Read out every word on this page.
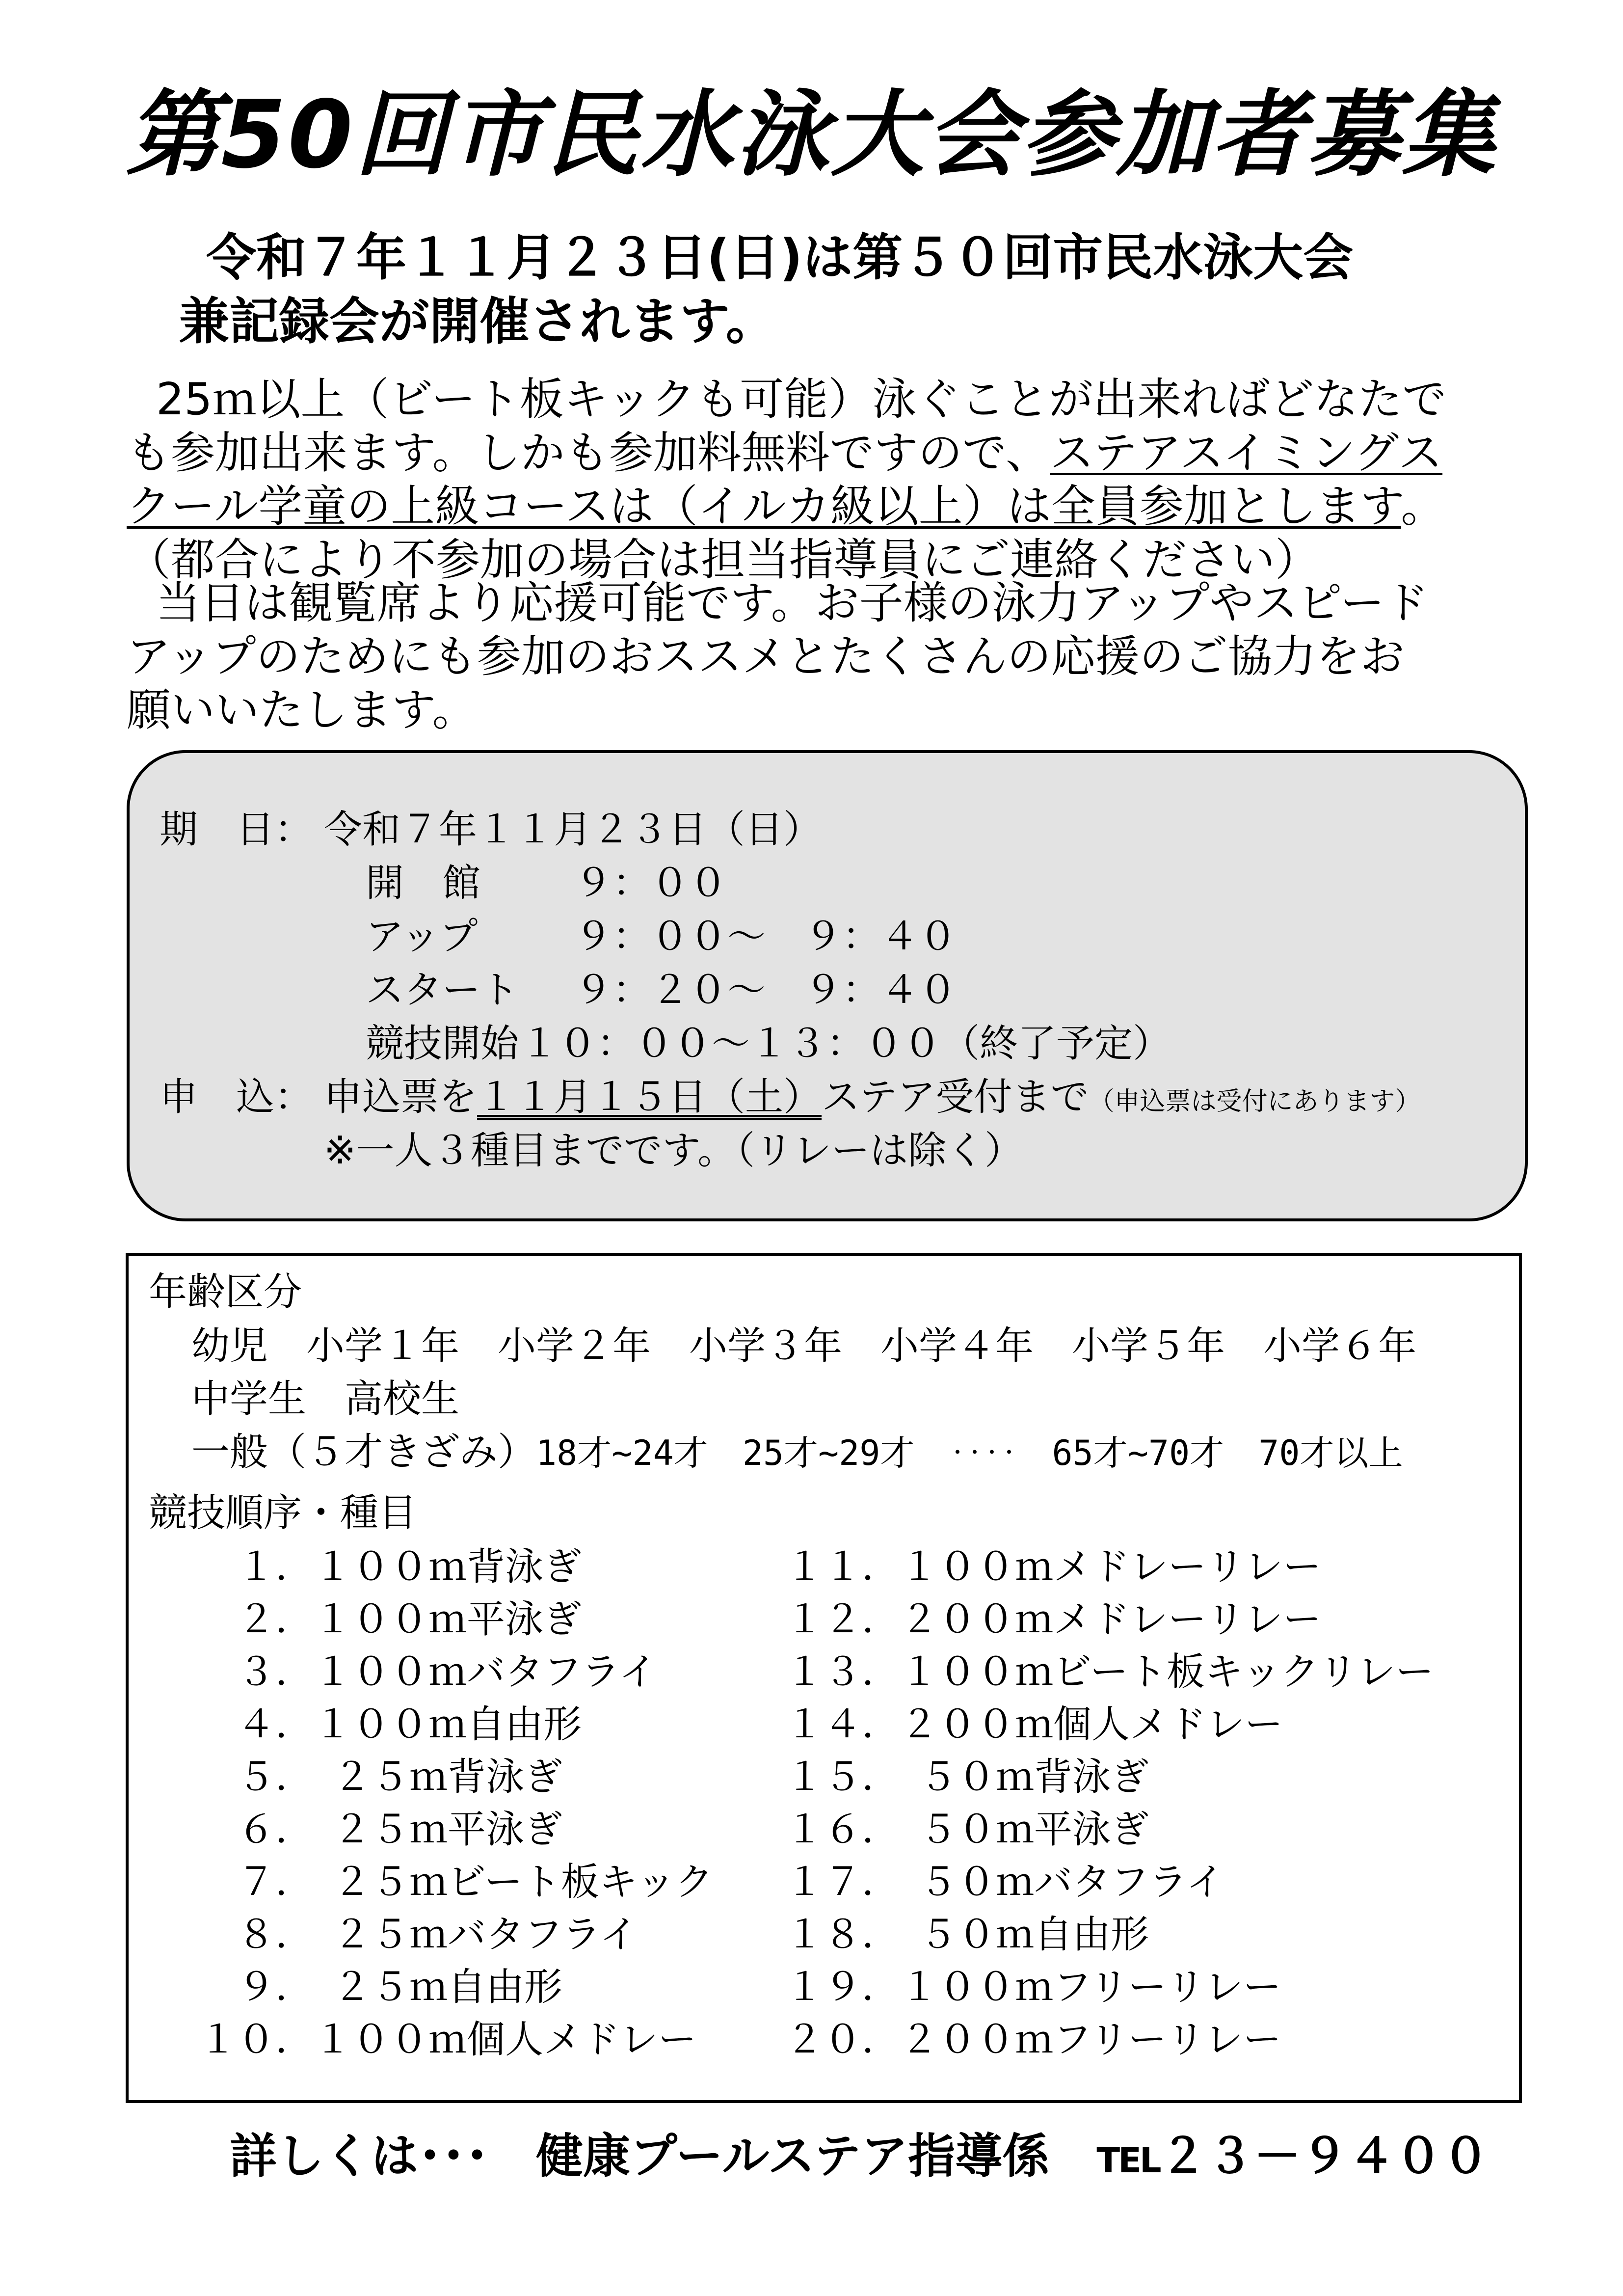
第50回市民水泳大会参加者募集
令和７年１１月２３日(日)は第５０回市民水泳大会
兼記録会が開催されます。

25ｍ以上（ビート板キックも可能）泳ぐことが出来ればどなたで

も参加出来ます。しかも参加料無料ですので、ステアスイミングス

クール学童の上級コースは（イルカ級以上）は全員参加とします。

（都合により不参加の場合は担当指導員にご連絡ください）

当日は観覧席より応援可能です。お子様の泳力アップやスピード

アップのためにも参加のおススメとたくさんの応援のご協力をお

願いいたします。

期　日： 令和７年１１月２３日（日）
開　館 ９：００
アップ	９：００～　９：４０
スタート ９：２０～　９：４０
競技開始 １０：００～１３：００（終了予定）
申　込： 申込票を１１月１５日（土）ステア受付まで（申込票は受付にあります）
※一人３種目までです。（リレーは除く）
年齢区分
幼児　小学１年　小学２年　小学３年　小学４年　小学５年　小学６年
中学生　高校生
一般（５才きざみ）18才~24才　25才~29才　‥‥　65才~70才　70才以上
競技順序・種目
　１．１００ｍ背泳ぎ
　２．１００ｍ平泳ぎ
　３．１００ｍバタフライ
　４．１００ｍ自由形
　５．　２５ｍ背泳ぎ
　６．　２５ｍ平泳ぎ
　７．　２５ｍビート板キック
　８．　２５ｍバタフライ
　９．　２５ｍ自由形
１０．１００ｍ個人メドレー
１１．１００ｍメドレーリレー
１２．２００ｍメドレーリレー
１３．１００ｍビート板キックリレー
１４．２００ｍ個人メドレー
１５．　５０ｍ背泳ぎ
１６．　５０ｍ平泳ぎ
１７．　５０ｍバタフライ
１８．　５０ｍ自由形
１９．１００ｍフリーリレー
２０．２００ｍフリーリレー
詳しくは･･･　健康プールステア指導係　 TEL２３－９４００
